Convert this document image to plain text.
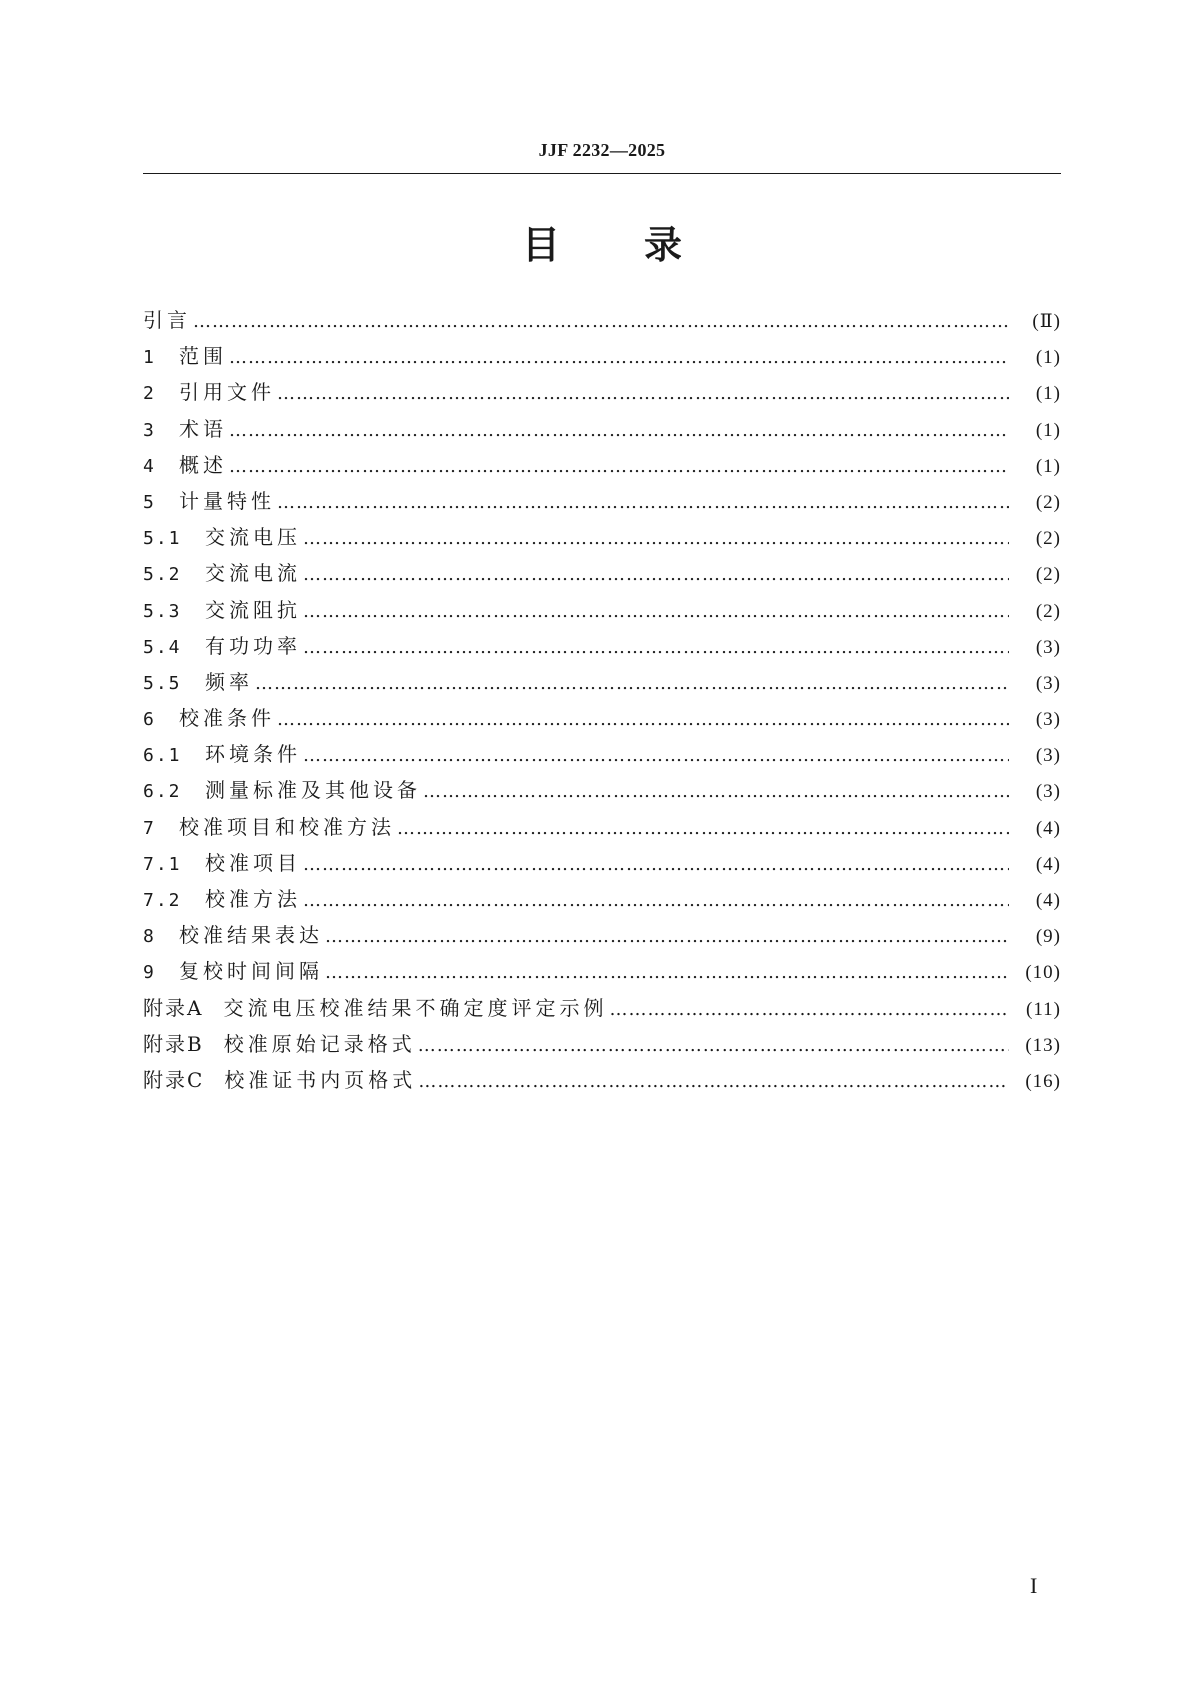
JJF 2232—2025
目录
引言 …………………………………………………………………………………………………………………………………………………………………………………	(Ⅱ)
1	范围 …………………………………………………………………………………………………………………………………………………………………………………	(1)
2	引用文件 …………………………………………………………………………………………………………………………………………………………………………………	(1)
3	术语 …………………………………………………………………………………………………………………………………………………………………………………	(1)
4	概述 …………………………………………………………………………………………………………………………………………………………………………………	(1)
5	计量特性 …………………………………………………………………………………………………………………………………………………………………………………	(2)
5.1	交流电压 …………………………………………………………………………………………………………………………………………………………………………………	(2)
5.2	交流电流 …………………………………………………………………………………………………………………………………………………………………………………	(2)
5.3	交流阻抗 …………………………………………………………………………………………………………………………………………………………………………………	(2)
5.4	有功功率 …………………………………………………………………………………………………………………………………………………………………………………	(3)
5.5	频率 …………………………………………………………………………………………………………………………………………………………………………………	(3)
6	校准条件 …………………………………………………………………………………………………………………………………………………………………………………	(3)
6.1	环境条件 …………………………………………………………………………………………………………………………………………………………………………………	(3)
6.2	测量标准及其他设备 …………………………………………………………………………………………………………………………………………………………………………………	(3)
7	校准项目和校准方法 …………………………………………………………………………………………………………………………………………………………………………………	(4)
7.1	校准项目 …………………………………………………………………………………………………………………………………………………………………………………	(4)
7.2	校准方法 …………………………………………………………………………………………………………………………………………………………………………………	(4)
8	校准结果表达 …………………………………………………………………………………………………………………………………………………………………………………	(9)
9	复校时间间隔 …………………………………………………………………………………………………………………………………………………………………………………	(10)
附录A 交流电压校准结果不确定度评定示例 …………………………………………………………………………………………………………………………………………………………………………………	(11)
附录B 校准原始记录格式 …………………………………………………………………………………………………………………………………………………………………………………	(13)
附录C 校准证书内页格式 …………………………………………………………………………………………………………………………………………………………………………………	(16)
I
